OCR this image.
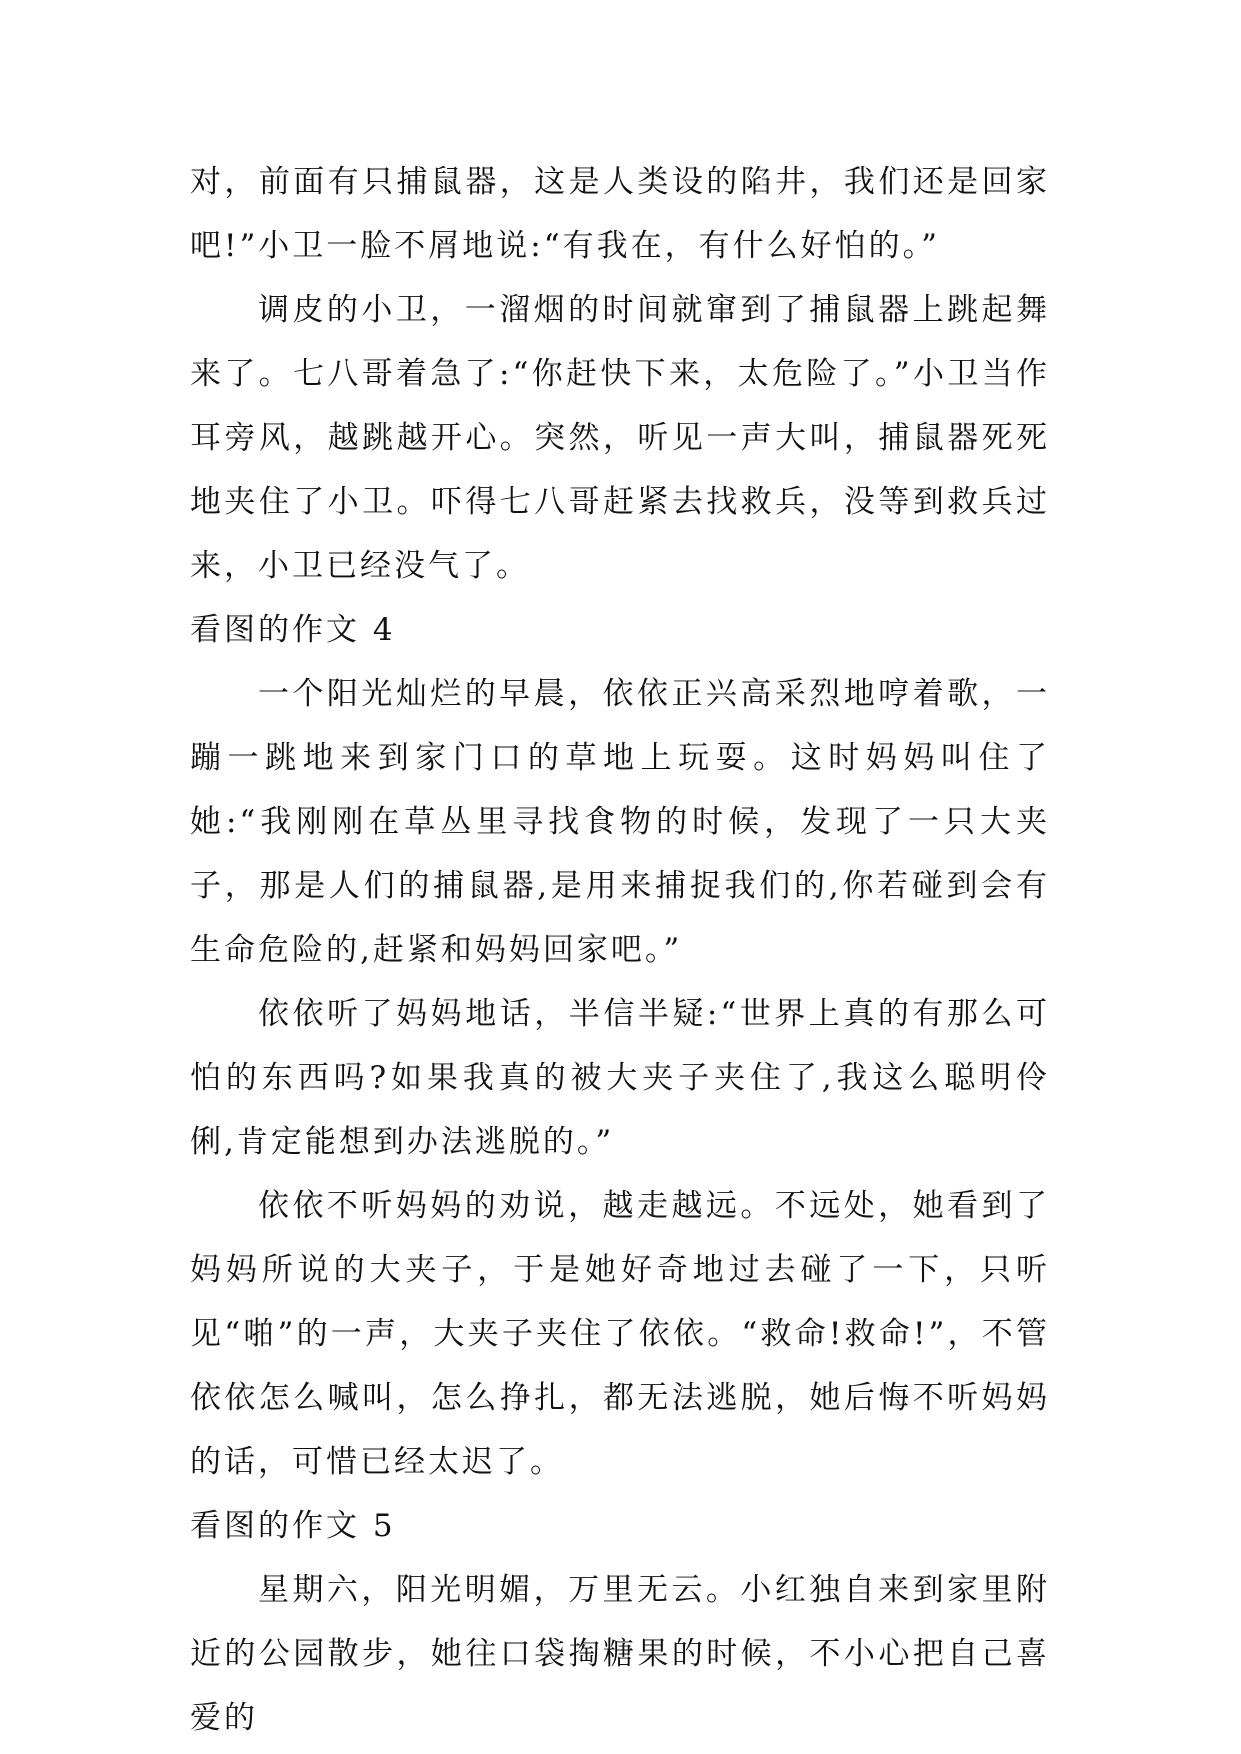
对，前面有只捕鼠器，这是人类设的陷井，我们还是回家吧!”小卫一脸不屑地说:“有我在，有什么好怕的。”

调皮的小卫，一溜烟的时间就窜到了捕鼠器上跳起舞来了。七八哥着急了:“你赶快下来，太危险了。”小卫当作耳旁风，越跳越开心。突然，听见一声大叫，捕鼠器死死地夹住了小卫。吓得七八哥赶紧去找救兵，没等到救兵过来，小卫已经没气了。

看图的作文 4

一个阳光灿烂的早晨，依依正兴高采烈地哼着歌，一蹦一跳地来到家门口的草地上玩耍。这时妈妈叫住了她:“我刚刚在草丛里寻找食物的时候，发现了一只大夹子，那是人们的捕鼠器,是用来捕捉我们的,你若碰到会有生命危险的,赶紧和妈妈回家吧。”

依依听了妈妈地话，半信半疑:“世界上真的有那么可怕的东西吗?如果我真的被大夹子夹住了,我这么聪明伶俐,肯定能想到办法逃脱的。”

依依不听妈妈的劝说，越走越远。不远处，她看到了妈妈所说的大夹子，于是她好奇地过去碰了一下，只听见“啪”的一声，大夹子夹住了依依。“救命!救命!”，不管依依怎么喊叫，怎么挣扎，都无法逃脱，她后悔不听妈妈的话，可惜已经太迟了。

看图的作文 5

星期六，阳光明媚，万里无云。小红独自来到家里附近的公园散步，她往口袋掏糖果的时候，不小心把自己喜爱的
